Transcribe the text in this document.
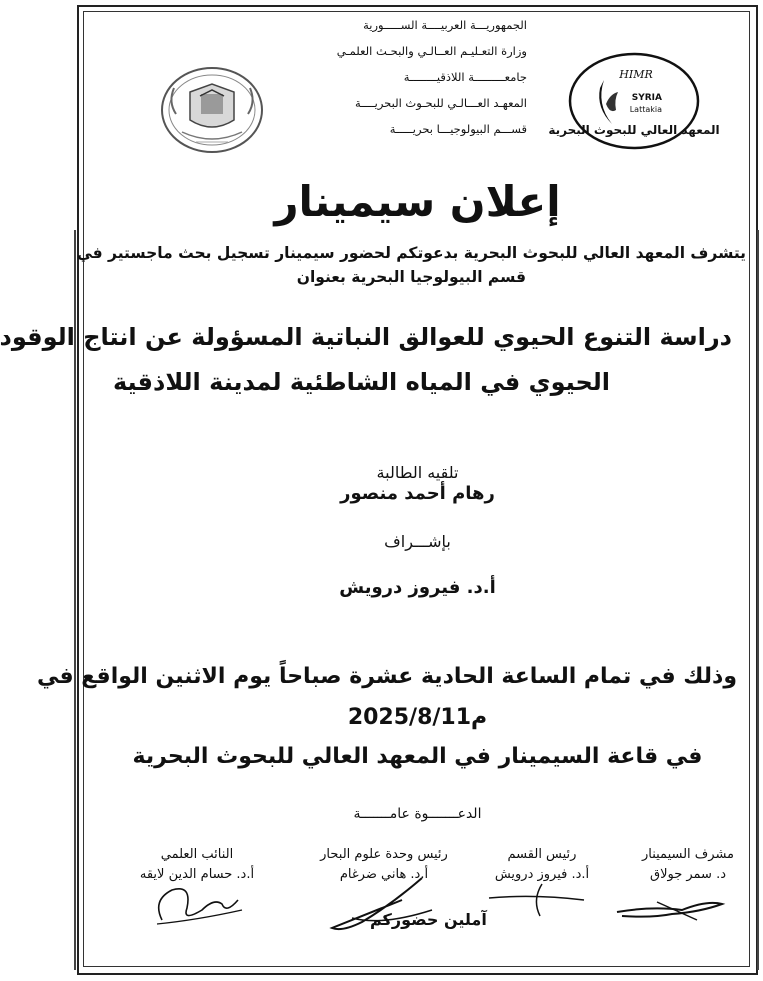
الجمهوريـــة العربيــــة الســـــورية
وزارة التعـليـم العــالـي والبحـث العلمـي
جامعـــــــــة اللاذقيــــــــة
المعهـد العـــالـي للبحـوث البحريــــة
قســـم البيولوجيـــا بحريـــــة
HIMR
SYRIA
Lattakia
المعهد العالي للبحوث البحرية
إعلان سيمينار
يتشرف المعهد العالي للبحوث البحرية بدعوتكم لحضور سيمينار تسجيل بحث ماجستير في
قسم البيولوجيا البحرية بعنوان
دراسة التنوع الحيوي للعوالق النباتية المسؤولة عن انتاج الوقود
الحيوي في المياه الشاطئية لمدينة اللاذقية
تلقيه الطالبة
رهام أحمد منصور
بإشـــراف
أ.د. فيروز درويش
وذلك في تمام الساعة الحادية عشرة صباحاً يوم الاثنين الواقع في
2025/8/11م
في قاعة السيمينار في المعهد العالي للبحوث البحرية
الدعـــــــوة عامـــــــة
مشرف السيمينار
د. سمر جولاق
رئيس القسم
أ.د. فيروز درويش
رئيس وحدة علوم البحار
أ.د. هاني ضرغام
النائب العلمي
أ.د. حسام الدين لايقه
آملين حضوركم
